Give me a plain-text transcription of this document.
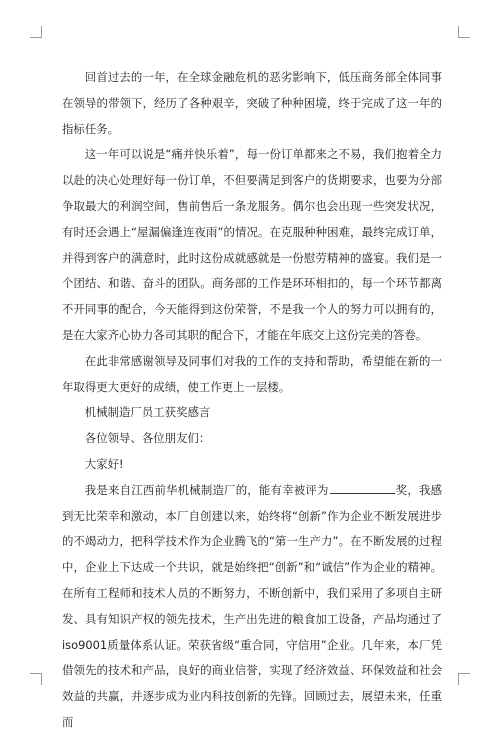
回首过去的一年，在全球金融危机的恶劣影响下，低压商务部全体同事在领导的带领下，经历了各种艰辛，突破了种种困境，终于完成了这一年的指标任务。

这一年可以说是“痛并快乐着”，每一份订单都来之不易，我们抱着全力以赴的决心处理好每一份订单，不但要满足到客户的货期要求，也要为分部争取最大的利润空间，售前售后一条龙服务。偶尔也会出现一些突发状况，有时还会遇上“屋漏偏逢连夜雨”的情况。在克服种种困难，最终完成订单，并得到客户的满意时，此时这份成就感就是一份慰劳精神的盛宴。我们是一个团结、和谐、奋斗的团队。商务部的工作是环环相扣的，每一个环节都离不开同事的配合，今天能得到这份荣誉，不是我一个人的努力可以拥有的，是在大家齐心协力各司其职的配合下，才能在年底交上这份完美的答卷。

在此非常感谢领导及同事们对我的工作的支持和帮助，希望能在新的一年取得更大更好的成绩，使工作更上一层楼。

机械制造厂员工获奖感言

各位领导、各位朋友们：

大家好!

我是来自江西前华机械制造厂的，能有幸被评为	奖，我感到无比荣幸和激动，本厂自创建以来，始终将“创新”作为企业不断发展进步的不竭动力，把科学技术作为企业腾飞的“第一生产力”。在不断发展的过程中，企业上下达成一个共识，就是始终把“创新”和“诚信”作为企业的精神。在所有工程师和技术人员的不断努力，不断创新中，我们采用了多项自主研发、具有知识产权的领先技术，生产出先进的粮食加工设备，产品均通过了iso9001质量体系认证。荣获省级“重合同，守信用”企业。几年来，本厂凭借领先的技术和产品，良好的商业信誉，实现了经济效益、环保效益和社会效益的共赢，并逐步成为业内科技创新的先锋。回顾过去，展望未来，任重而
